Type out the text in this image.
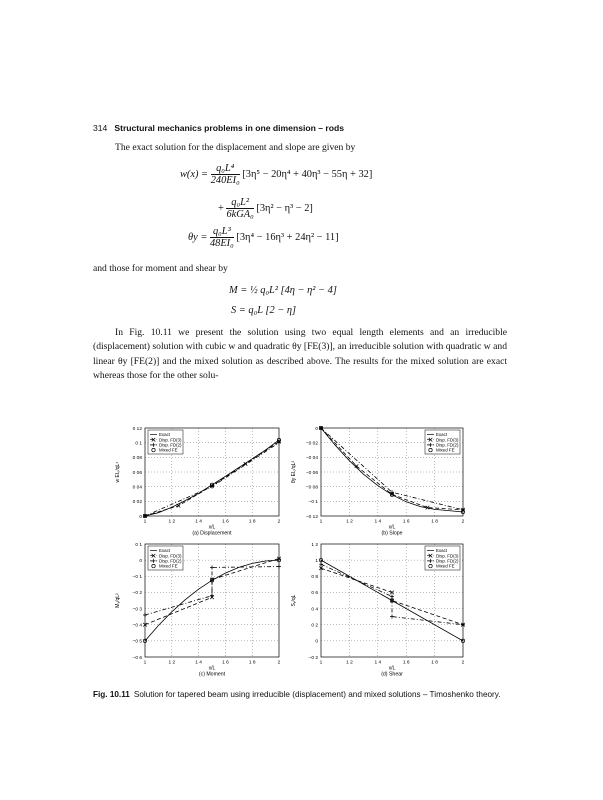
314 Structural mechanics problems in one dimension – rods
The exact solution for the displacement and slope are given by
$w(x) = \frac{\text{q₀L⁴}}{\text{240EI₀}} [3\eta^5 - 20\eta^4 + 40\eta^3 - 55\eta + 32]$
+ $\frac{\text{q₀L²}}{\text{6kGA₀}} [3\eta^2 - \eta^3 - 2]$
$\theta y = \frac{\text{q₀L³}}{\text{48EI₀}} [3\eta^4 - 16\eta^3 + 24\eta^2 - 11]$
and those for moment and shear by
M = ½ q₀L² [4η − η² − 4]
S = q₀L [2 − η]
In Fig. 10.11 we present the solution using two equal length elements and an irreducible (displacement) solution with cubic w and quadratic θy [FE(3)], an irreducible solution with quadratic w and linear θy [FE(2)] and the mixed solution as described above. The results for the mixed solution are exact whereas those for the other solu-
1	1 2	1 4	1 6	1 8	2
0
0 02
0 04
0 06
0 08
0 1
0 12
Exact
Disp. FD(3)
Disp. FD(2)
Mixed FE
x/L
(a) Displacement
w EI₀/qL⁴
1	1 2	1 4	1 6	1 8	2
0
−0 02
−0 04
−0 06
−0 08
−0 1
−0 12
Exact
Disp. FD(3)
Disp. FD(2)
Mixed FE
x/L
(b) Slope
θy EI₀/qL³
1	1 2	1 4	1 6	1 8	2
0 1
0
−0 1
−0 2
−0 3
−0 4
−0 5
−0 6
Exact
Disp. FD(3)
Disp. FD(2)
Mixed FE
x/L
(c) Moment
Mᵧ/qL²
1	1 2	1 4	1 6	1 8	2
1 2
1
0 8
0 6
0 4
0 2
0
−0 2
Exact
Disp. FD(3)
Disp. FD(2)
Mixed FE
x/L
(d) Shear
Sᵧ/qL
Fig. 10.11 Solution for tapered beam using irreducible (displacement) and mixed solutions – Timoshenko theory.
